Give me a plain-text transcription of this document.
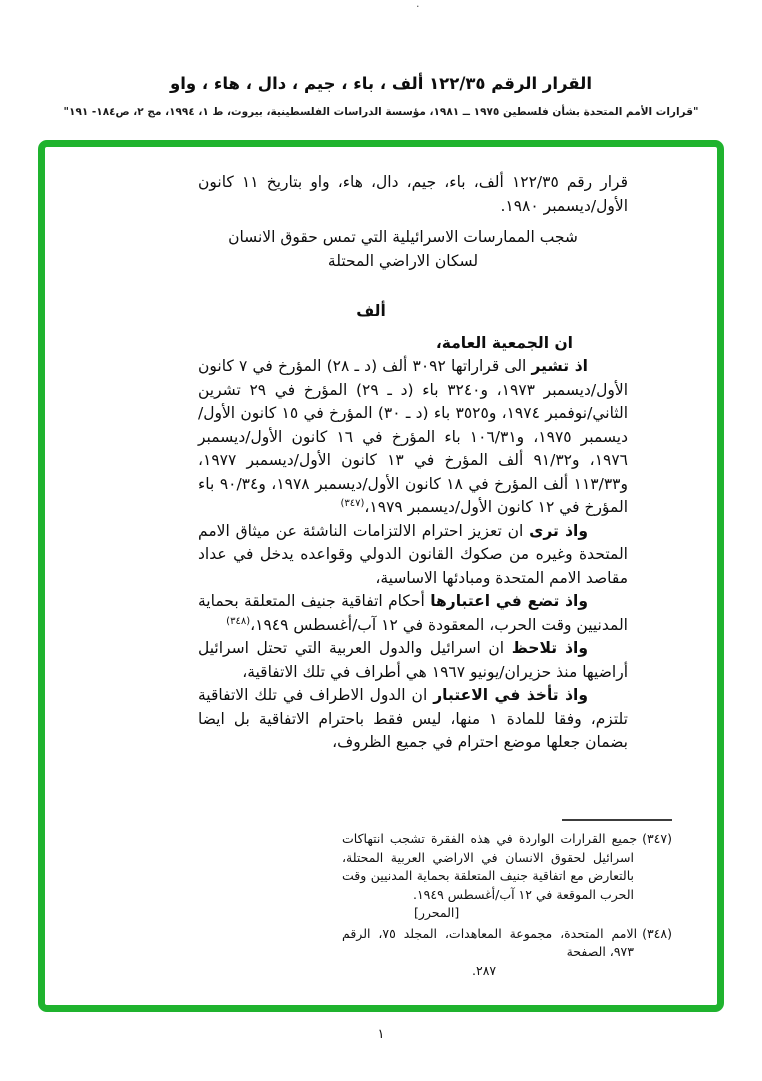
·
القرار الرقم ١٢٢/٣٥ ألف ، باء ، جيم ، دال ، هاء ، واو
"قرارات الأمم المتحدة بشأن فلسطين ١٩٧٥ ــ ١٩٨١، مؤسسة الدراسات الفلسطينية، بيروت، ط ١، ١٩٩٤، مج ٢، ص١٨٤- ١٩١"

قرار رقم ١٢٢/٣٥ ألف، باء، جيم، دال، هاء، واو بتاريخ ١١ كانون الأول/ديسمبر ١٩٨٠.

شجب الممارسات الاسرائيلية التي تمس حقوق الانسان
لسكان الاراضي المحتلة
ألف

ان الجمعية العامة،

اذ تشير الى قراراتها ٣٠٩٢ ألف (د ـ ٢٨) المؤرخ في ٧ كانون الأول/ديسمبر ١٩٧٣، و٣٢٤٠ باء (د ـ ٢٩) المؤرخ في ٢٩ تشرين الثاني/نوفمبر ١٩٧٤، و٣٥٢٥ باء (د ـ ٣٠) المؤرخ في ١٥ كانون الأول/ديسمبر ١٩٧٥، و١٠٦/٣١ باء المؤرخ في ١٦ كانون الأول/ديسمبر ١٩٧٦، و٩١/٣٢ ألف المؤرخ في ١٣ كانون الأول/ديسمبر ١٩٧٧، و١١٣/٣٣ ألف المؤرخ في ١٨ كانون الأول/ديسمبر ١٩٧٨، و٩٠/٣٤ باء المؤرخ في ١٢ كانون الأول/ديسمبر ١٩٧٩،$^{(٣٤٧)}$

واذ ترى ان تعزيز احترام الالتزامات الناشئة عن ميثاق الامم المتحدة وغيره من صكوك القانون الدولي وقواعده يدخل في عداد مقاصد الامم المتحدة ومبادئها الاساسية،

واذ تضع في اعتبارها أحكام اتفاقية جنيف المتعلقة بحماية المدنيين وقت الحرب، المعقودة في ١٢ آب/أغسطس ١٩٤٩،$^{(٣٤٨)}$

واذ تلاحظ ان اسرائيل والدول العربية التي تحتل اسرائيل أراضيها منذ حزيران/يونيو ١٩٦٧ هي أطراف في تلك الاتفاقية،

واذ تأخذ في الاعتبار ان الدول الاطراف في تلك الاتفاقية تلتزم، وفقا للمادة ١ منها، ليس فقط باحترام الاتفاقية بل ايضا بضمان جعلها موضع احترام في جميع الظروف،

(٣٤٧)جميع القرارات الواردة في هذه الفقرة تشجب انتهاكات اسرائيل لحقوق الانسان في الاراضي العربية المحتلة، بالتعارض مع اتفاقية جنيف المتعلقة بحماية المدنيين وقت الحرب الموقعة في ١٢ آب/أغسطس ١٩٤٩.
[المحرر]
(٣٤٨)الامم المتحدة، مجموعة المعاهدات، المجلد ٧٥، الرقم ٩٧٣، الصفحة
٢٨٧.
١
